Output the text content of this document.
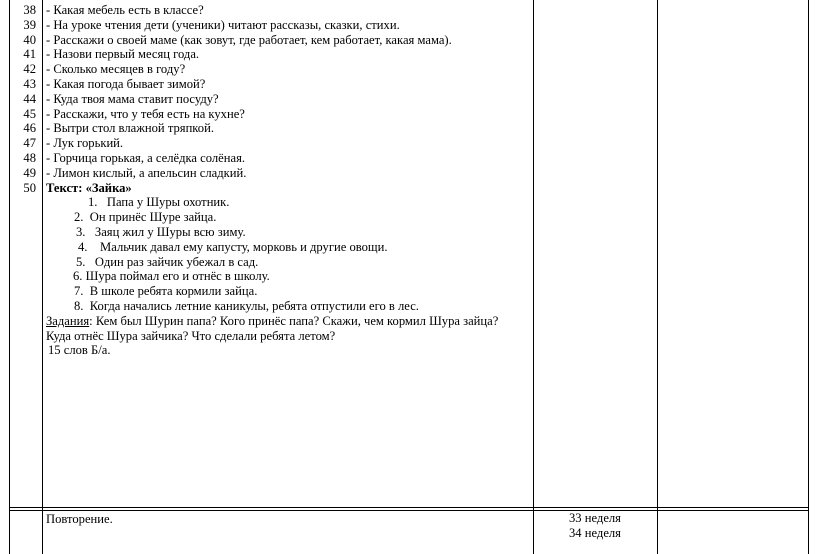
38
39
40
41
42
43
44
45
46
47
48
49
50
- Какая мебель есть в классе?
- На уроке чтения дети (ученики) читают рассказы, сказки, стихи.
- Расскажи о своей маме (как зовут, где работает, кем работает, какая мама).
- Назови первый месяц года.
- Сколько месяцев в году?
- Какая погода бывает зимой?
- Куда твоя мама ставит посуду?
- Расскажи, что у тебя есть на кухне?
- Вытри стол влажной тряпкой.
- Лук горький.
- Горчица горькая, а селёдка солёная.
- Лимон кислый, а апельсин сладкий.
Текст: «Зайка»
1. Папа у Шуры охотник.
2. Он принёс Шуре зайца.
3. Заяц жил у Шуры всю зиму.
4. Мальчик давал ему капусту, морковь и другие овощи.
5. Один раз зайчик убежал в сад.
6. Шура поймал его и отнёс в школу.
7. В школе ребята кормили зайца.
8. Когда начались летние каникулы, ребята отпустили его в лес.
Задания: Кем был Шурин папа? Кого принёс папа? Скажи, чем кормил Шура зайца?
Куда отнёс Шура зайчика? Что сделали ребята летом?
15 слов Б/а.
Повторение.	33 неделя
34 неделя
